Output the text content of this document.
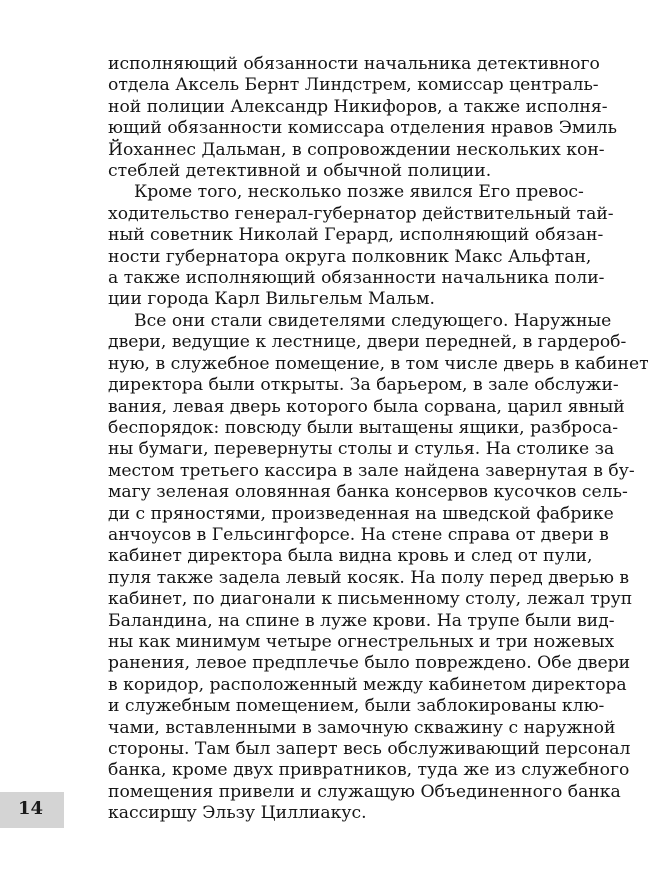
исполняющий обязанности начальника детективного
отдела Аксель Бернт Линдстрем, комиссар централь-
ной полиции Александр Никифоров, а также исполня-
ющий обязанности комиссара отделения нравов Эмиль
Йоханнес Дальман, в сопровождении нескольких кон-
стеблей детективной и обычной полиции.
Кроме того, несколько позже явился Его превос-
ходительство генерал-губернатор действительный тай-
ный советник Николай Герард, исполняющий обязан-
ности губернатора округа полковник Макс Альфтан,
а также исполняющий обязанности начальника поли-
ции города Карл Вильгельм Мальм.
Все они стали свидетелями следующего. Наружные
двери, ведущие к лестнице, двери передней, в гардероб-
ную, в служебное помещение, в том числе дверь в кабинет
директора были открыты. За барьером, в зале обслужи-
вания, левая дверь которого была сорвана, царил явный
беспорядок: повсюду были вытащены ящики, разброса-
ны бумаги, перевернуты столы и стулья. На столике за
местом третьего кассира в зале найдена завернутая в бу-
магу зеленая оловянная банка консервов кусочков сель-
ди с пряностями, произведенная на шведской фабрике
анчоусов в Гельсингфорсе. На стене справа от двери в
кабинет директора была видна кровь и след от пули,
пуля также задела левый косяк. На полу перед дверью в
кабинет, по диагонали к письменному столу, лежал труп
Баландина, на спине в луже крови. На трупе были вид-
ны как минимум четыре огнестрельных и три ножевых
ранения, левое предплечье было повреждено. Обе двери
в коридор, расположенный между кабинетом директора
и служебным помещением, были заблокированы клю-
чами, вставленными в замочную скважину с наружной
стороны. Там был заперт весь обслуживающий персонал
банка, кроме двух привратников, туда же из служебного
помещения привели и служащую Объединенного банка
кассиршу Эльзу Циллиакус.
14
